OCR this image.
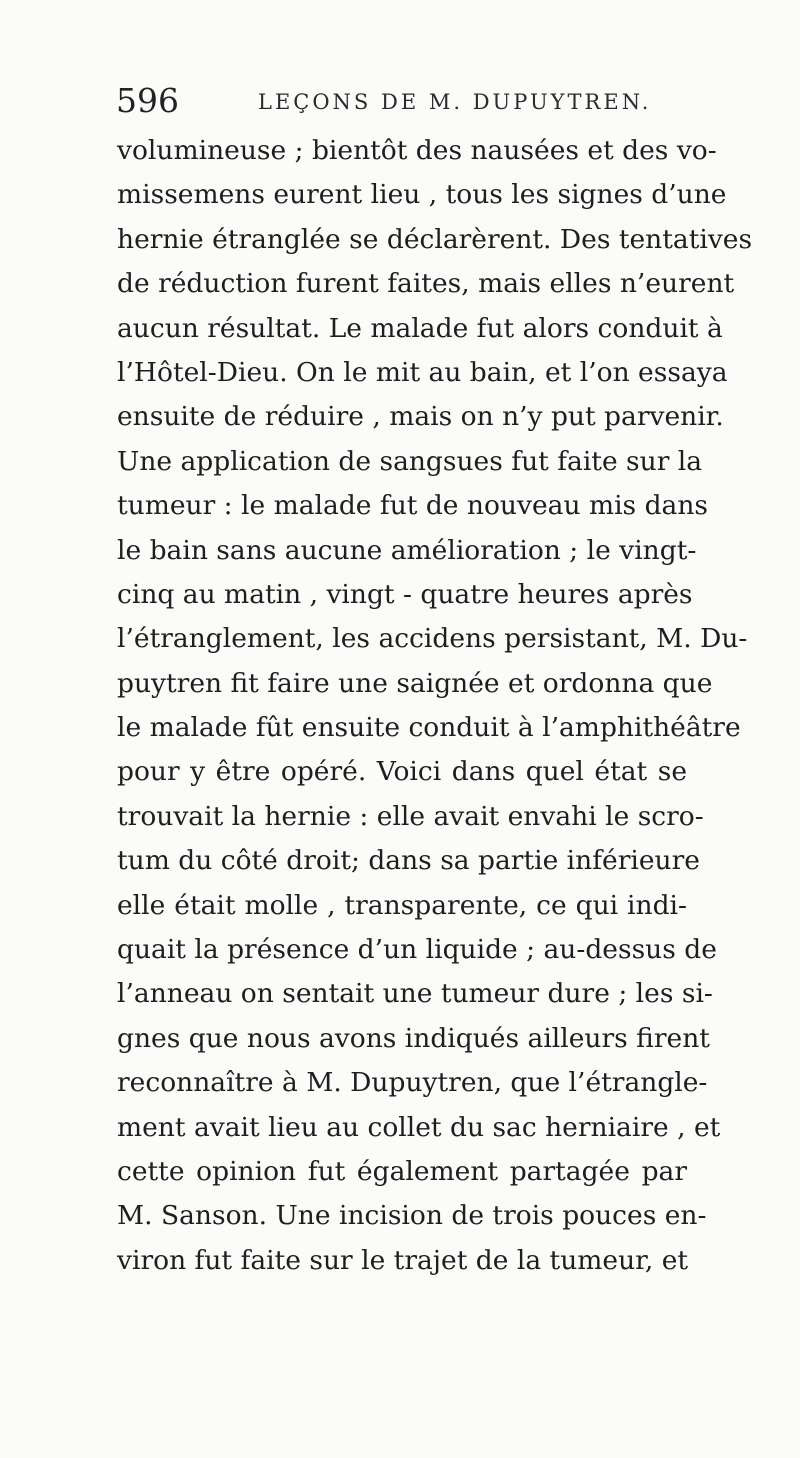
596	LEÇONS DE M. DUPUYTREN.
volumineuse ; bientôt des nausées et des vo-
missemens eurent lieu , tous les signes d’une
hernie étranglée se déclarèrent. Des tentatives
de réduction furent faites, mais elles n’eurent
aucun résultat. Le malade fut alors conduit à
l’Hôtel-Dieu. On le mit au bain, et l’on essaya
ensuite de réduire , mais on n’y put parvenir.
Une application de sangsues fut faite sur la
tumeur : le malade fut de nouveau mis dans
le bain sans aucune amélioration ; le vingt-
cinq au matin , vingt - quatre heures après
l’étranglement, les accidens persistant, M. Du-
puytren fit faire une saignée et ordonna que
le malade fût ensuite conduit à l’amphithéâtre
pour y être opéré. Voici dans quel état se
trouvait la hernie : elle avait envahi le scro-
tum du côté droit; dans sa partie inférieure
elle était molle , transparente, ce qui indi-
quait la présence d’un liquide ; au-dessus de
l’anneau on sentait une tumeur dure ; les si-
gnes que nous avons indiqués ailleurs firent
reconnaître à M. Dupuytren, que l’étrangle-
ment avait lieu au collet du sac herniaire , et
cette opinion fut également partagée par
M. Sanson. Une incision de trois pouces en-
viron fut faite sur le trajet de la tumeur, et
